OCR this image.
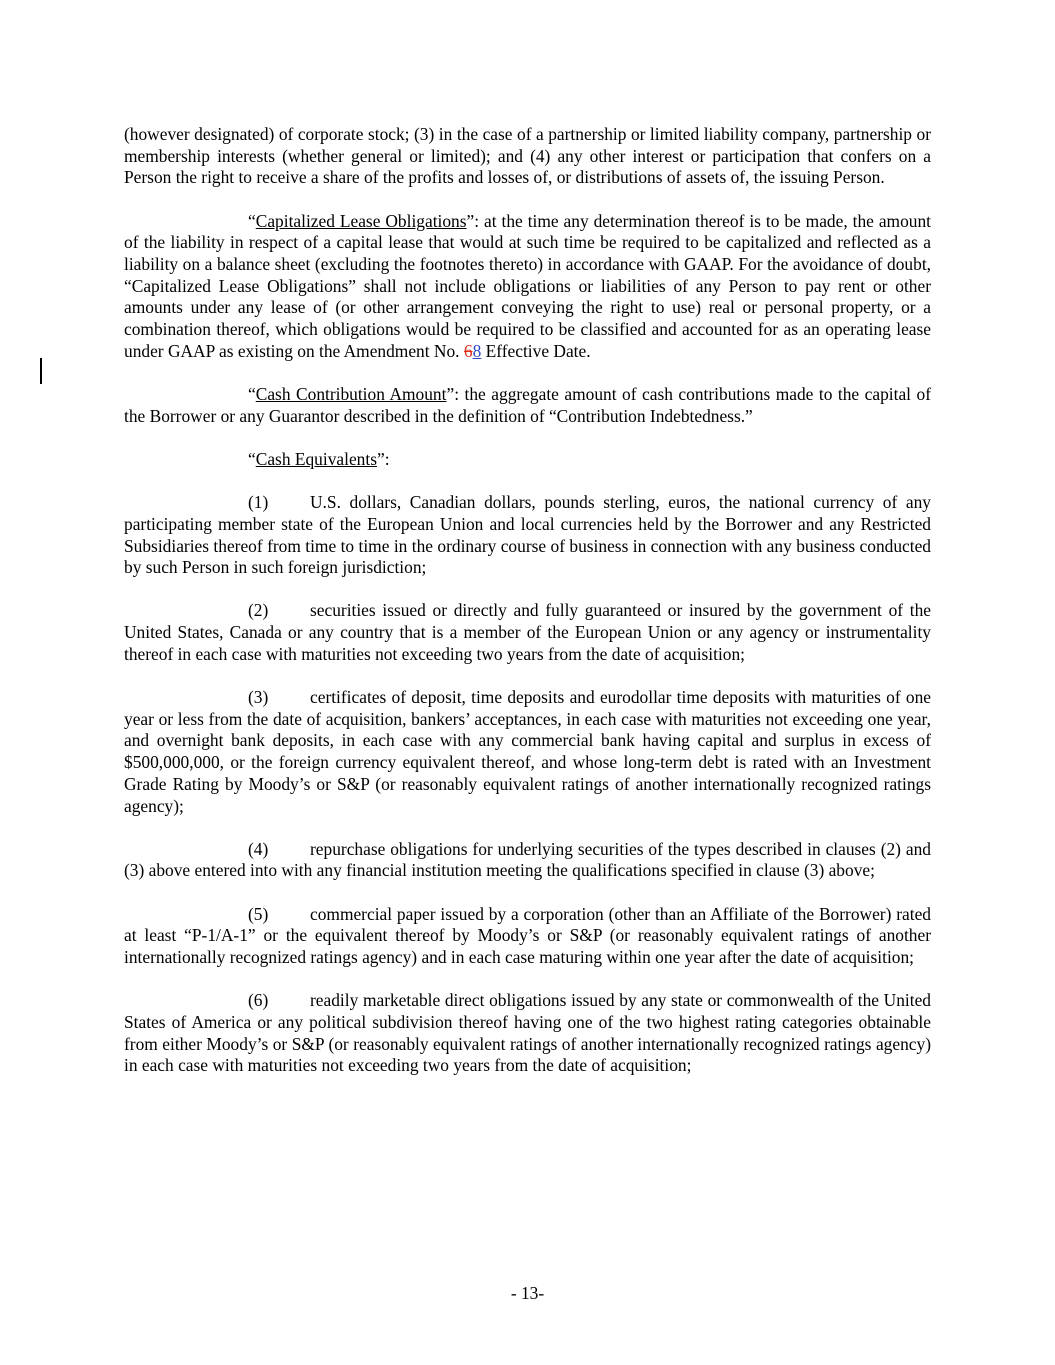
(however designated) of corporate stock; (3) in the case of a partnership or limited liability company, partnership or membership interests (whether general or limited); and (4) any other interest or participation that confers on a Person the right to receive a share of the profits and losses of, or distributions of assets of, the issuing Person.

“Capitalized Lease Obligations”: at the time any determination thereof is to be made, the amount of the liability in respect of a capital lease that would at such time be required to be capitalized and reflected as a liability on a balance sheet (excluding the footnotes thereto) in accordance with GAAP. For the avoidance of doubt, “Capitalized Lease Obligations” shall not include obligations or liabilities of any Person to pay rent or other amounts under any lease of (or other arrangement conveying the right to use) real or personal property, or a combination thereof, which obligations would be required to be classified and accounted for as an operating lease under GAAP as existing on the Amendment No. 68 Effective Date.

“Cash Contribution Amount”: the aggregate amount of cash contributions made to the capital of the Borrower or any Guarantor described in the definition of “Contribution Indebtedness.”

“Cash Equivalents”:

(1) U.S. dollars, Canadian dollars, pounds sterling, euros, the national currency of any participating member state of the European Union and local currencies held by the Borrower and any Restricted Subsidiaries thereof from time to time in the ordinary course of business in connection with any business conducted by such Person in such foreign jurisdiction;

(2) securities issued or directly and fully guaranteed or insured by the government of the United States, Canada or any country that is a member of the European Union or any agency or instrumentality thereof in each case with maturities not exceeding two years from the date of acquisition;

(3) certificates of deposit, time deposits and eurodollar time deposits with maturities of one year or less from the date of acquisition, bankers’ acceptances, in each case with maturities not exceeding one year, and overnight bank deposits, in each case with any commercial bank having capital and surplus in excess of $500,000,000, or the foreign currency equivalent thereof, and whose long-term debt is rated with an Investment Grade Rating by Moody’s or S&P (or reasonably equivalent ratings of another internationally recognized ratings agency);

(4) repurchase obligations for underlying securities of the types described in clauses (2) and (3) above entered into with any financial institution meeting the qualifications specified in clause (3) above;

(5) commercial paper issued by a corporation (other than an Affiliate of the Borrower) rated at least “P-1/A-1” or the equivalent thereof by Moody’s or S&P (or reasonably equivalent ratings of another internationally recognized ratings agency) and in each case maturing within one year after the date of acquisition;

(6) readily marketable direct obligations issued by any state or commonwealth of the United States of America or any political subdivision thereof having one of the two highest rating categories obtainable from either Moody’s or S&P (or reasonably equivalent ratings of another internationally recognized ratings agency) in each case with maturities not exceeding two years from the date of acquisition;

- 13-
